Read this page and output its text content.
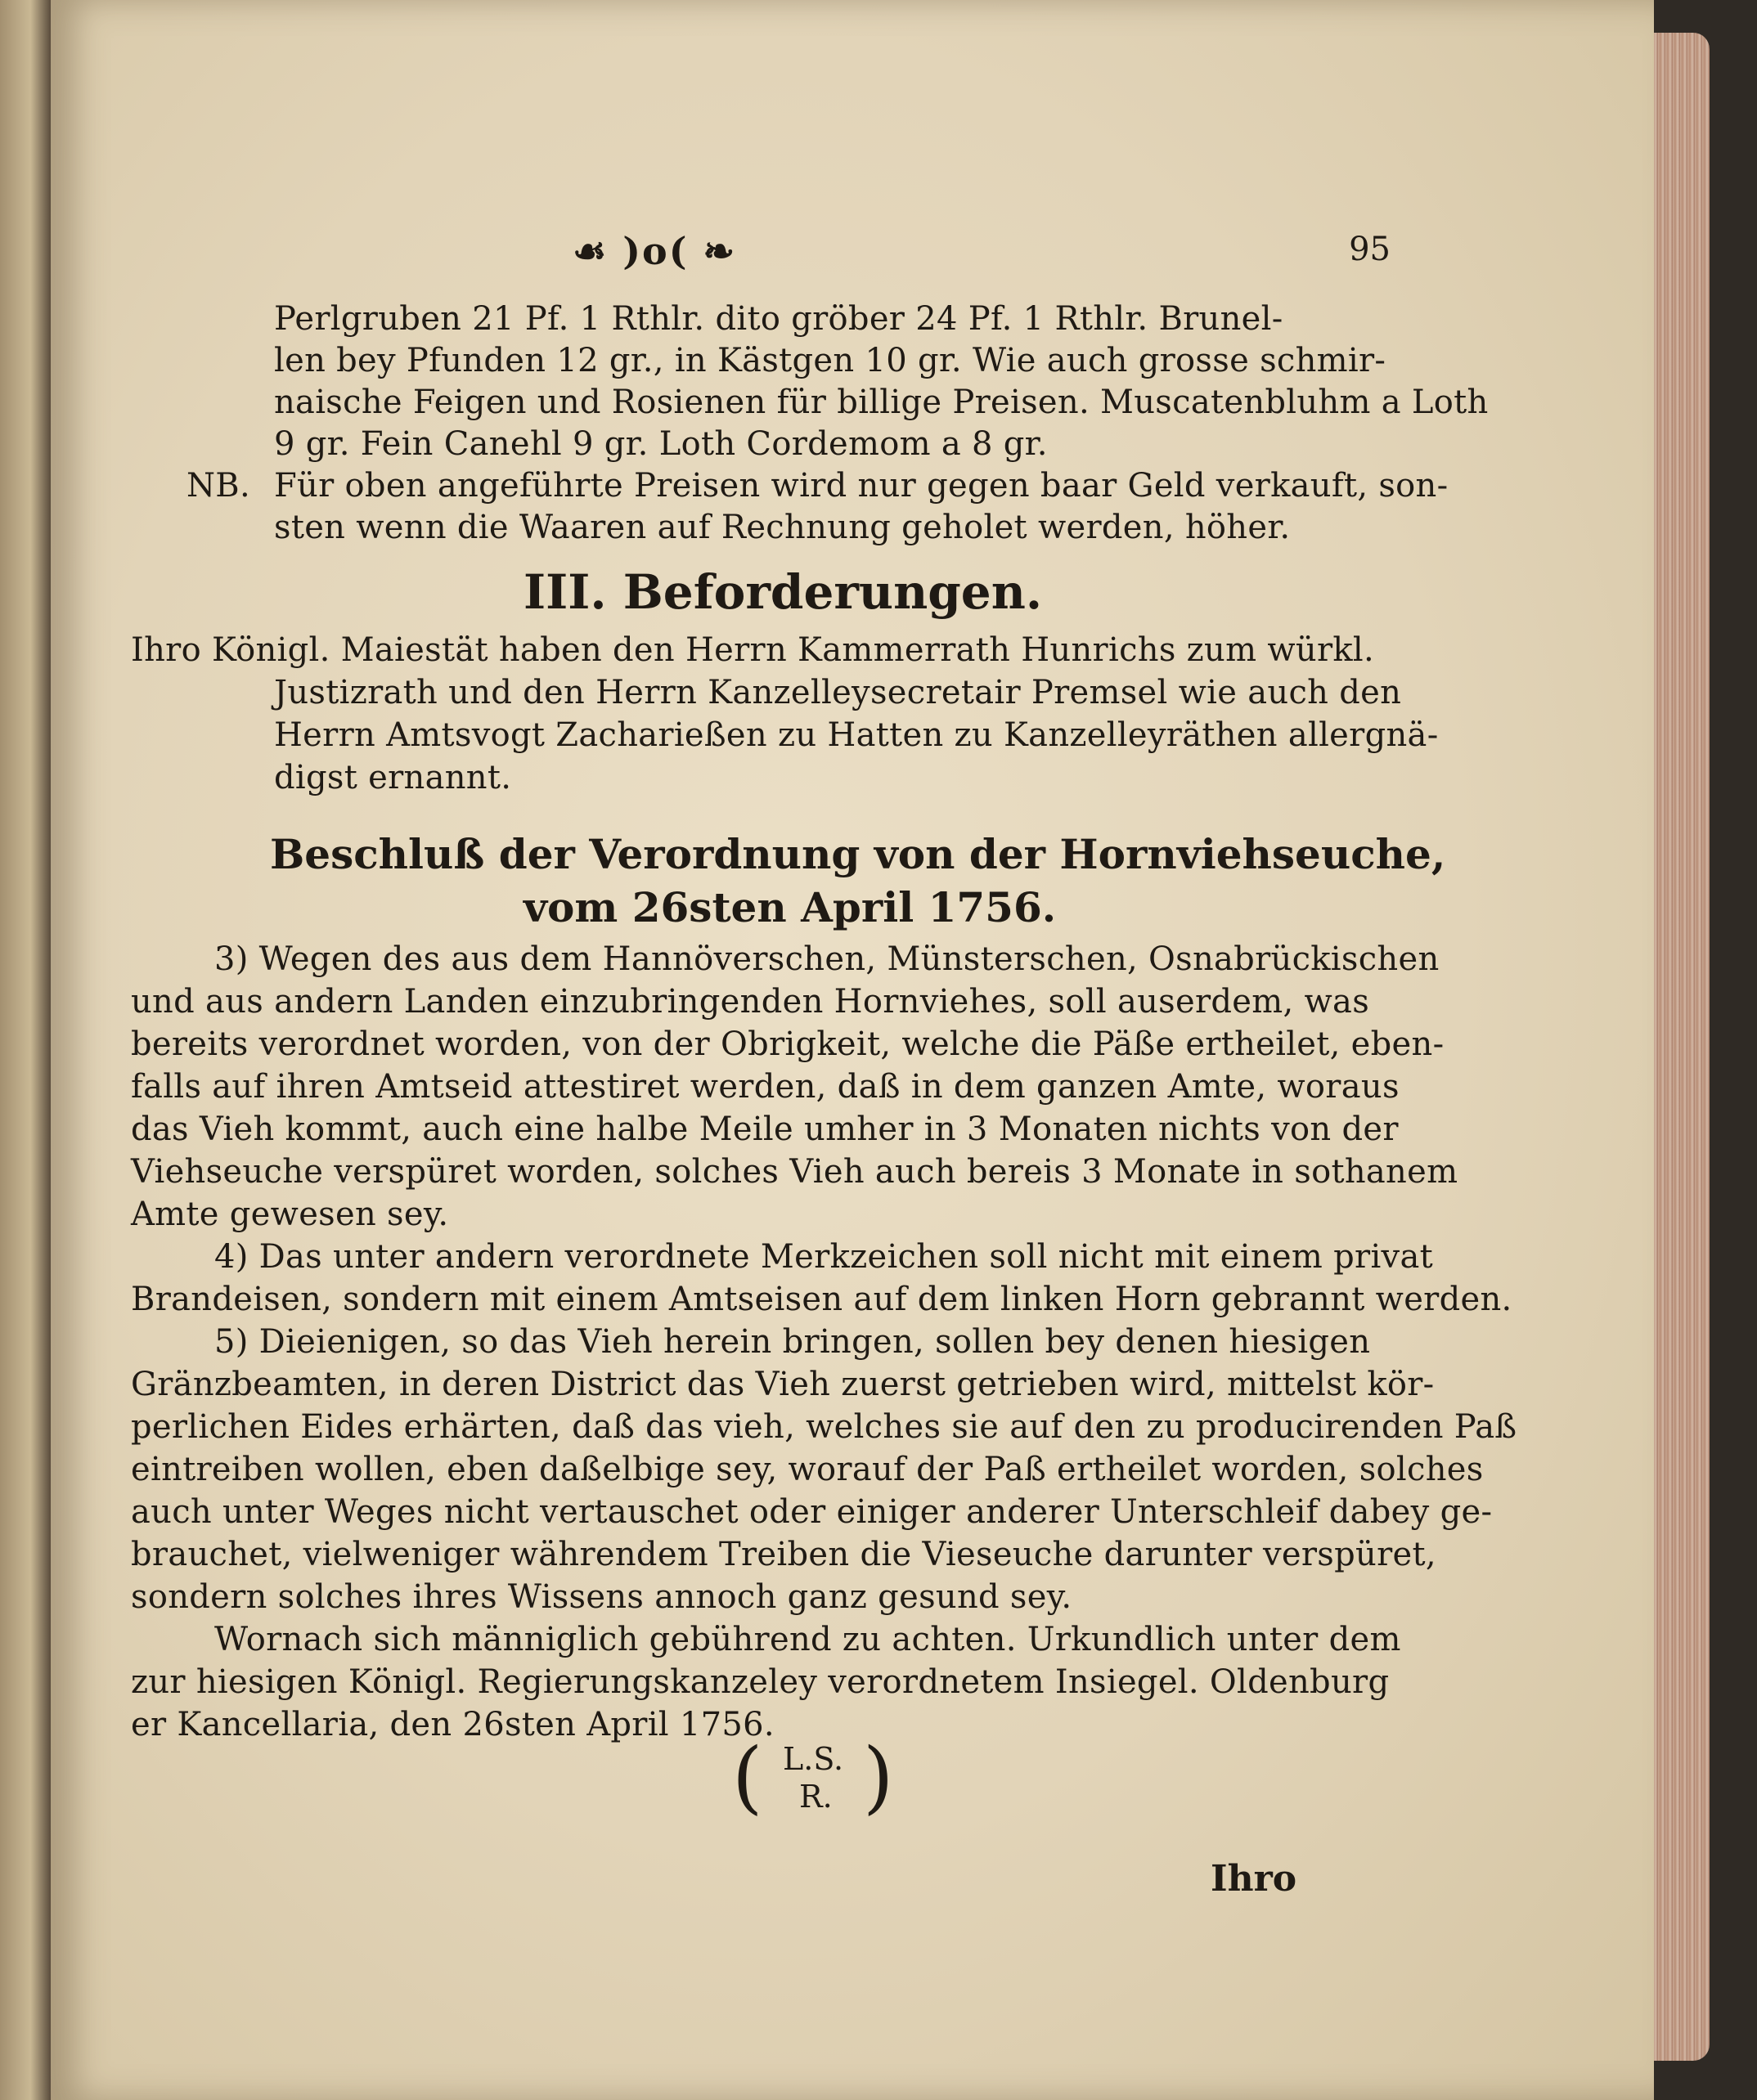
☙ )o( ❧	95
Perlgruben 21 Pf. 1 Rthlr. dito gröber 24 Pf. 1 Rthlr. Brunel-
len bey Pfunden 12 gr., in Kästgen 10 gr. Wie auch grosse schmir-
naische Feigen und Rosienen für billige Preisen. Muscatenbluhm a Loth
9 gr. Fein Canehl 9 gr. Loth Cordemom a 8 gr.
NB. Für oben angeführte Preisen wird nur gegen baar Geld verkauft, son-
sten wenn die Waaren auf Rechnung geholet werden, höher.
III. Beforderungen.
Ihro Königl. Maiestät haben den Herrn Kammerrath Hunrichs zum würkl.
Justizrath und den Herrn Kanzelleysecretair Premsel wie auch den
Herrn Amtsvogt Zacharießen zu Hatten zu Kanzelleyräthen allergnä-
digst ernannt.
Beschluß der Verordnung von der Hornviehseuche,
vom 26sten April 1756.
3) Wegen des aus dem Hannöverschen, Münsterschen, Osnabrückischen
und aus andern Landen einzubringenden Hornviehes, soll auserdem, was
bereits verordnet worden, von der Obrigkeit, welche die Päße ertheilet, eben-
falls auf ihren Amtseid attestiret werden, daß in dem ganzen Amte, woraus
das Vieh kommt, auch eine halbe Meile umher in 3 Monaten nichts von der
Viehseuche verspüret worden, solches Vieh auch bereis 3 Monate in sothanem
Amte gewesen sey.
4) Das unter andern verordnete Merkzeichen soll nicht mit einem privat
Brandeisen, sondern mit einem Amtseisen auf dem linken Horn gebrannt werden.
5) Dieienigen, so das Vieh herein bringen, sollen bey denen hiesigen
Gränzbeamten, in deren District das Vieh zuerst getrieben wird, mittelst kör-
perlichen Eides erhärten, daß das vieh, welches sie auf den zu producirenden Paß
eintreiben wollen, eben daßelbige sey, worauf der Paß ertheilet worden, solches
auch unter Weges nicht vertauschet oder einiger anderer Unterschleif dabey ge-
brauchet, vielweniger währendem Treiben die Vieseuche darunter verspüret,
sondern solches ihres Wissens annoch ganz gesund sey.
Wornach sich männiglich gebührend zu achten. Urkundlich unter dem
zur hiesigen Königl. Regierungskanzeley verordnetem Insiegel. Oldenburg
er Kancellaria, den 26sten April 1756.
( L.S.
R. )
Ihro
